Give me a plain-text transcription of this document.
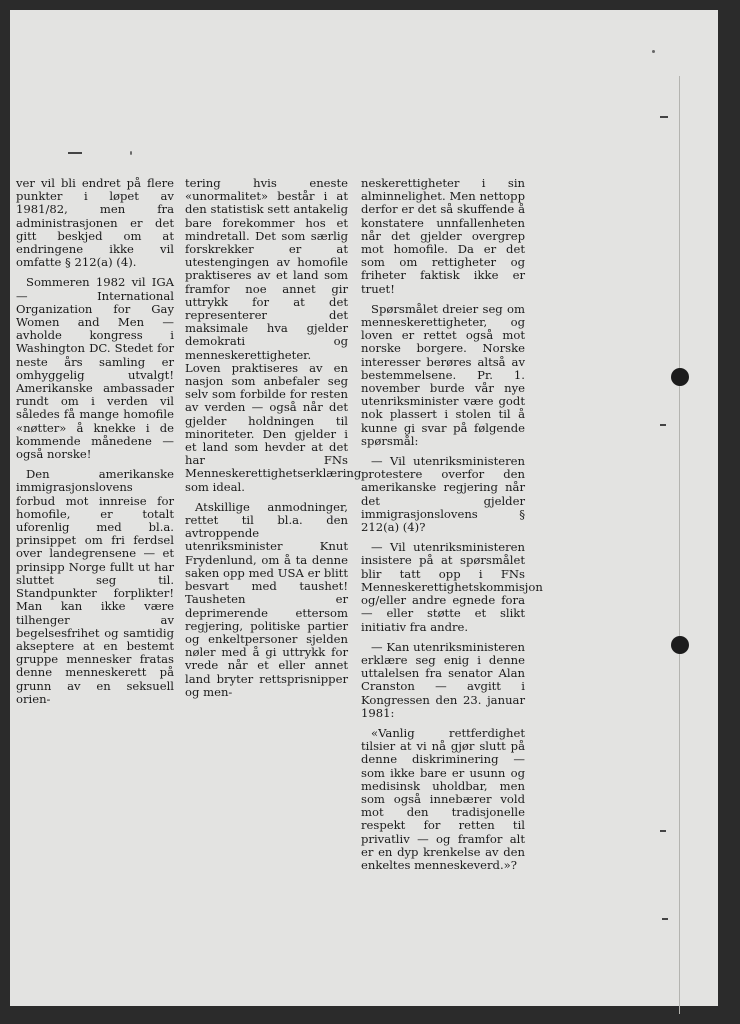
ver vil bli endret på flere punkter i løpet av 1981/82, men fra administrasjonen er det gitt beskjed om at endringene ikke vil omfatte § 212(a) (4).

Sommeren 1982 vil IGA — International Organization for Gay Women and Men — avholde kongress i Washington DC. Stedet for neste års samling er omhyggelig utvalgt! Amerikanske ambassader rundt om i verden vil således få mange homofile «nøtter» å knekke i de kommende månedene — også norske!

Den amerikanske immigrasjonslovens forbud mot innreise for homofile, er totalt uforenlig med bl.a. prinsippet om fri ferdsel over landegrensene — et prinsipp Norge fullt ut har sluttet seg til. Standpunkter forplikter! Man kan ikke være tilhenger av begelsesfrihet og samtidig akseptere at en bestemt gruppe mennesker fratas denne menneskerett på grunn av en seksuell orien-

tering hvis eneste «unormalitet» består i at den statistisk sett antakelig bare forekommer hos et mindretall. Det som særlig forskrekker er at utestengingen av homofile praktiseres av et land som framfor noe annet gir uttrykk for at det representerer det maksimale hva gjelder demokrati og menneskerettigheter. Loven praktiseres av en nasjon som anbefaler seg selv som forbilde for resten av verden — også når det gjelder holdningen til minoriteter. Den gjelder i et land som hevder at det har FNs Menneskerettighetserklæring som ideal.

Atskillige anmodninger, rettet til bl.a. den avtroppende utenriksminister Knut Frydenlund, om å ta denne saken opp med USA er blitt besvart med taushet! Tausheten er deprimerende ettersom regjering, politiske partier og enkeltpersoner sjelden nøler med å gi uttrykk for vrede når et eller annet land bryter rettsprisnipper og men-

neskerettigheter i sin alminnelighet. Men nettopp derfor er det så skuffende å konstatere unnfallenheten når det gjelder overgrep mot homofile. Da er det som om rettigheter og friheter faktisk ikke er truet!

Spørsmålet dreier seg om menneskerettigheter, og loven er rettet også mot norske borgere. Norske interesser berøres altså av bestemmelsene. Pr. 1. november burde vår nye utenriksminister være godt nok plassert i stolen til å kunne gi svar på følgende spørsmål:

— Vil utenriksministeren protestere overfor den amerikanske regjering når det gjelder immigrasjonslovens § 212(a) (4)?

— Vil utenriksministeren insistere på at spørsmålet blir tatt opp i FNs Menneskerettighetskommisjon og/eller andre egnede fora — eller støtte et slikt initiativ fra andre.

— Kan utenriksministeren erklære seg enig i denne uttalelsen fra senator Alan Cranston — avgitt i Kongressen den 23. januar 1981:

«Vanlig rettferdighet tilsier at vi nå gjør slutt på denne diskriminering — som ikke bare er usunn og medisinsk uholdbar, men som også innebærer vold mot den tradisjonelle respekt for retten til privatliv — og framfor alt er en dyp krenkelse av den enkeltes menneskeverd.»?
